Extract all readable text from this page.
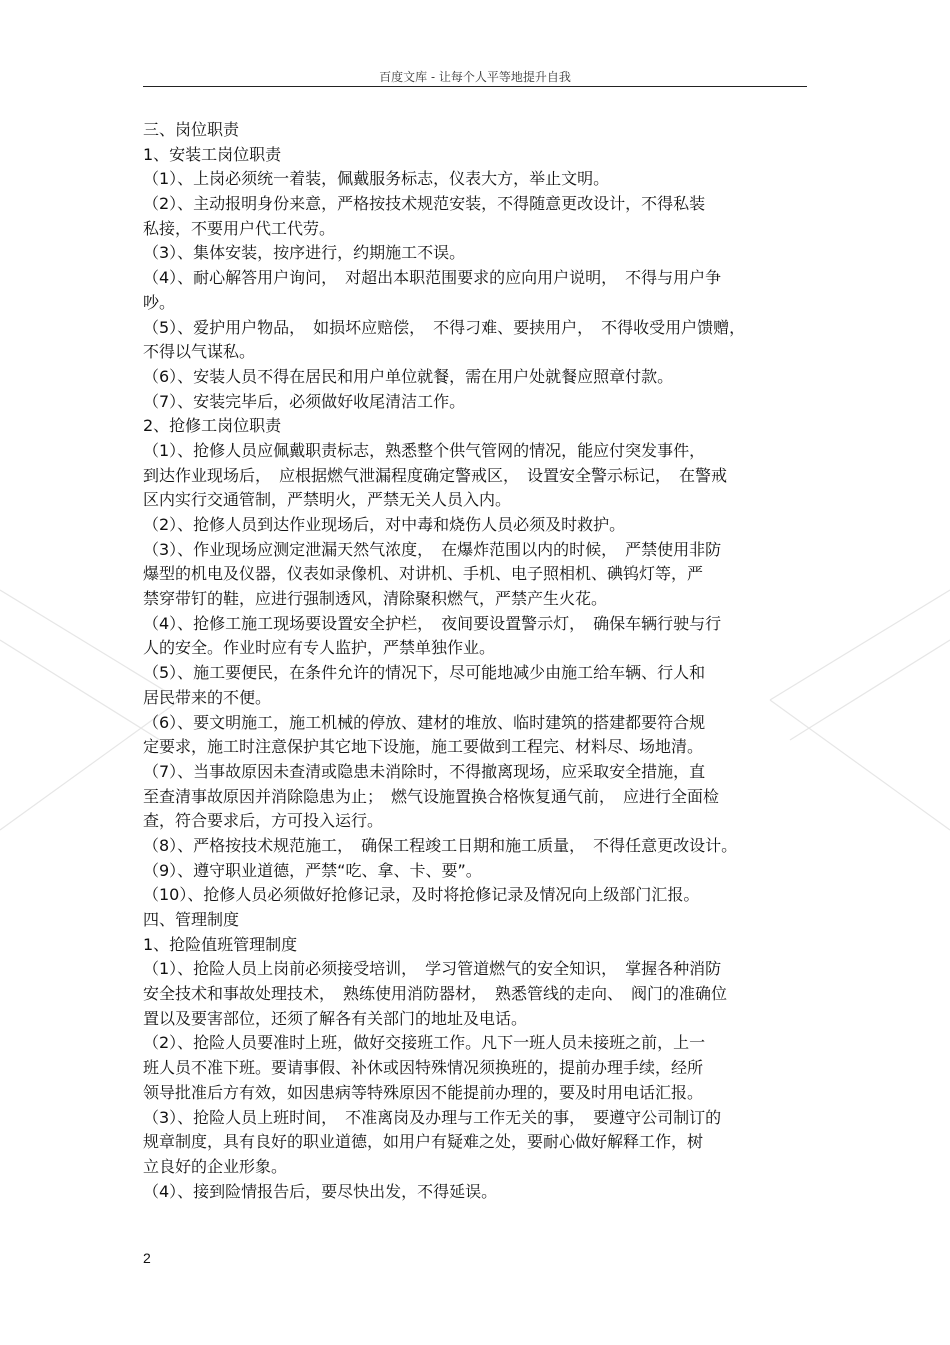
百度文库 - 让每个人平等地提升自我
三、岗位职责
1、安装工岗位职责
（1）、上岗必须统一着装，佩戴服务标志，仪表大方，举止文明。
（2）、主动报明身份来意，严格按技术规范安装，不得随意更改设计，不得私装
私接，不要用户代工代劳。
（3）、集体安装，按序进行，约期施工不误。
（4）、耐心解答用户询问，　对超出本职范围要求的应向用户说明，　不得与用户争
吵。
（5）、爱护用户物品，　如损坏应赔偿，　不得刁难、要挟用户，　不得收受用户馈赠，
不得以气谋私。
（6）、安装人员不得在居民和用户单位就餐，需在用户处就餐应照章付款。
（7）、安装完毕后，必须做好收尾清洁工作。
2、抢修工岗位职责
（1）、抢修人员应佩戴职责标志，熟悉整个供气管网的情况，能应付突发事件，
到达作业现场后，　应根据燃气泄漏程度确定警戒区，　设置安全警示标记，　在警戒
区内实行交通管制，严禁明火，严禁无关人员入内。
（2）、抢修人员到达作业现场后，对中毒和烧伤人员必须及时救护。
（3）、作业现场应测定泄漏天然气浓度，　在爆炸范围以内的时候，　严禁使用非防
爆型的机电及仪器，仪表如录像机、对讲机、手机、电子照相机、碘钨灯等，严
禁穿带钉的鞋，应进行强制透风，清除聚积燃气，严禁产生火花。
（4）、抢修工施工现场要设置安全护栏，　夜间要设置警示灯，　确保车辆行驶与行
人的安全。作业时应有专人监护，严禁单独作业。
（5）、施工要便民，在条件允许的情况下，尽可能地减少由施工给车辆、行人和
居民带来的不便。
（6）、要文明施工，施工机械的停放、建材的堆放、临时建筑的搭建都要符合规
定要求，施工时注意保护其它地下设施，施工要做到工程完、材料尽、场地清。
（7）、当事故原因未查清或隐患未消除时，不得撤离现场，应采取安全措施，直
至查清事故原因并消除隐患为止；　燃气设施置换合格恢复通气前，　应进行全面检
查，符合要求后，方可投入运行。
（8）、严格按技术规范施工，　确保工程竣工日期和施工质量，　不得任意更改设计。
（9）、遵守职业道德，严禁“吃、拿、卡、要”。
（10）、抢修人员必须做好抢修记录，及时将抢修记录及情况向上级部门汇报。
四、管理制度
1、抢险值班管理制度
（1）、抢险人员上岗前必须接受培训，　学习管道燃气的安全知识，　掌握各种消防
安全技术和事故处理技术，　熟练使用消防器材，　熟悉管线的走向、　阀门的准确位
置以及要害部位，还须了解各有关部门的地址及电话。
（2）、抢险人员要准时上班，做好交接班工作。凡下一班人员未接班之前，上一
班人员不准下班。要请事假、补休或因特殊情况须换班的，提前办理手续，经所
领导批准后方有效，如因患病等特殊原因不能提前办理的，要及时用电话汇报。
（3）、抢险人员上班时间，　不准离岗及办理与工作无关的事，　要遵守公司制订的
规章制度，具有良好的职业道德，如用户有疑难之处，要耐心做好解释工作，树
立良好的企业形象。
（4）、接到险情报告后，要尽快出发，不得延误。
2
